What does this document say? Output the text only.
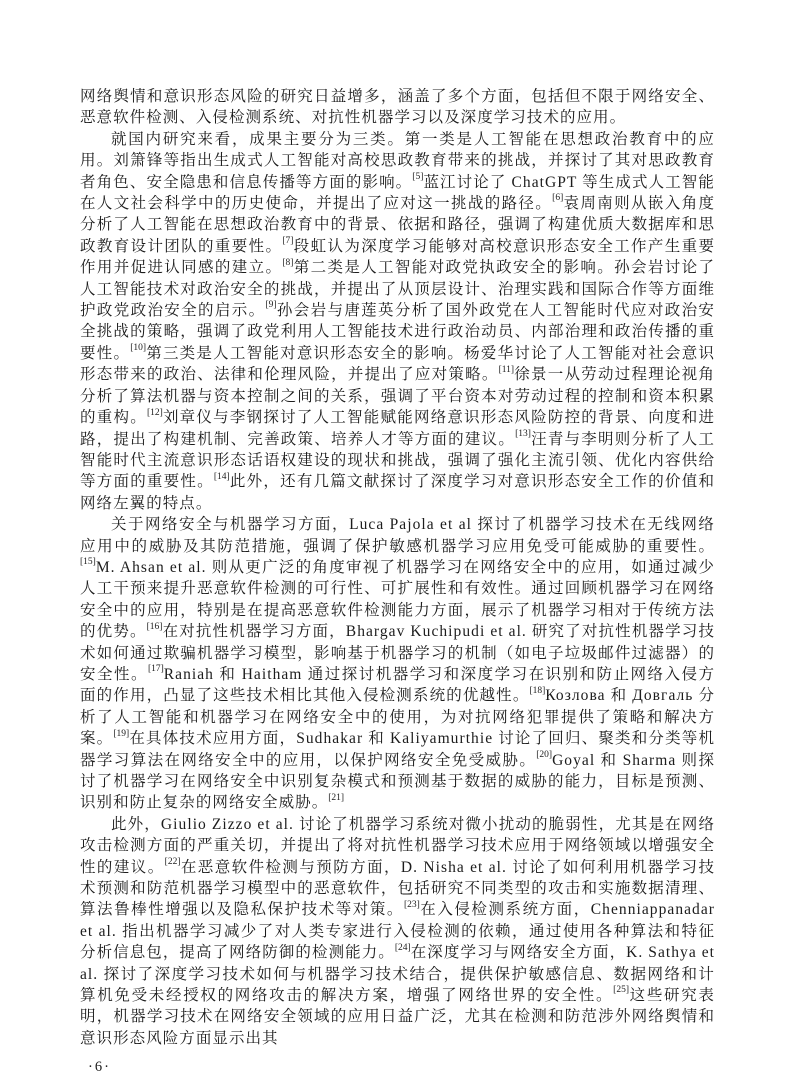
网络舆情和意识形态风险的研究日益增多，涵盖了多个方面，包括但不限于网络安全、恶意软件检测、入侵检测系统、对抗性机器学习以及深度学习技术的应用。

就国内研究来看，成果主要分为三类。第一类是人工智能在思想政治教育中的应用。刘箫锋等指出生成式人工智能对高校思政教育带来的挑战，并探讨了其对思政教育者角色、安全隐患和信息传播等方面的影响。[5]蓝江讨论了 ChatGPT 等生成式人工智能在人文社会科学中的历史使命，并提出了应对这一挑战的路径。[6]袁周南则从嵌入角度分析了人工智能在思想政治教育中的背景、依据和路径，强调了构建优质大数据库和思政教育设计团队的重要性。[7]段虹认为深度学习能够对高校意识形态安全工作产生重要作用并促进认同感的建立。[8]第二类是人工智能对政党执政安全的影响。孙会岩讨论了人工智能技术对政治安全的挑战，并提出了从顶层设计、治理实践和国际合作等方面维护政党政治安全的启示。[9]孙会岩与唐莲英分析了国外政党在人工智能时代应对政治安全挑战的策略，强调了政党利用人工智能技术进行政治动员、内部治理和政治传播的重要性。[10]第三类是人工智能对意识形态安全的影响。杨爱华讨论了人工智能对社会意识形态带来的政治、法律和伦理风险，并提出了应对策略。[11]徐景一从劳动过程理论视角分析了算法机器与资本控制之间的关系，强调了平台资本对劳动过程的控制和资本积累的重构。[12]刘章仪与李钢探讨了人工智能赋能网络意识形态风险防控的背景、向度和进路，提出了构建机制、完善政策、培养人才等方面的建议。[13]汪青与李明则分析了人工智能时代主流意识形态话语权建设的现状和挑战，强调了强化主流引领、优化内容供给等方面的重要性。[14]此外，还有几篇文献探讨了深度学习对意识形态安全工作的价值和网络左翼的特点。

关于网络安全与机器学习方面，Luca Pajola et al 探讨了机器学习技术在无线网络应用中的威胁及其防范措施，强调了保护敏感机器学习应用免受可能威胁的重要性。[15]M. Ahsan et al. 则从更广泛的角度审视了机器学习在网络安全中的应用，如通过减少人工干预来提升恶意软件检测的可行性、可扩展性和有效性。通过回顾机器学习在网络安全中的应用，特别是在提高恶意软件检测能力方面，展示了机器学习相对于传统方法的优势。[16]在对抗性机器学习方面，Bhargav Kuchipudi et al. 研究了对抗性机器学习技术如何通过欺骗机器学习模型，影响基于机器学习的机制（如电子垃圾邮件过滤器）的安全性。[17]Raniah 和 Haitham 通过探讨机器学习和深度学习在识别和防止网络入侵方面的作用，凸显了这些技术相比其他入侵检测系统的优越性。[18]Козлова 和 Довгаль 分析了人工智能和机器学习在网络安全中的使用，为对抗网络犯罪提供了策略和解决方案。[19]在具体技术应用方面，Sudhakar 和 Kaliyamurthie 讨论了回归、聚类和分类等机器学习算法在网络安全中的应用，以保护网络安全免受威胁。[20]Goyal 和 Sharma 则探讨了机器学习在网络安全中识别复杂模式和预测基于数据的威胁的能力，目标是预测、识别和防止复杂的网络安全威胁。[21]

此外，Giulio Zizzo et al. 讨论了机器学习系统对微小扰动的脆弱性，尤其是在网络攻击检测方面的严重关切，并提出了将对抗性机器学习技术应用于网络领域以增强安全性的建议。[22]在恶意软件检测与预防方面，D. Nisha et al. 讨论了如何利用机器学习技术预测和防范机器学习模型中的恶意软件，包括研究不同类型的攻击和实施数据清理、算法鲁棒性增强以及隐私保护技术等对策。[23]在入侵检测系统方面，Chenniappanadar et al. 指出机器学习减少了对人类专家进行入侵检测的依赖，通过使用各种算法和特征分析信息包，提高了网络防御的检测能力。[24]在深度学习与网络安全方面，K. Sathya et al. 探讨了深度学习技术如何与机器学习技术结合，提供保护敏感信息、数据网络和计算机免受未经授权的网络攻击的解决方案，增强了网络世界的安全性。[25]这些研究表明，机器学习技术在网络安全领域的应用日益广泛，尤其在检测和防范涉外网络舆情和意识形态风险方面显示出其

·6·
